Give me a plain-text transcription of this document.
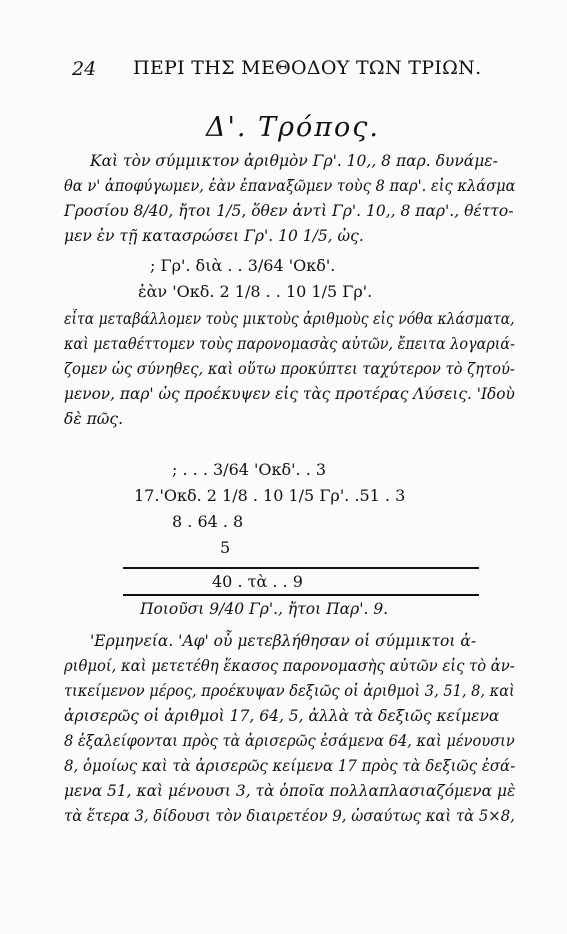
24 ΠΕΡΙ ΤΗΣ ΜΕΘΟΔΟΥ ΤΩΝ ΤΡΙΩΝ.
Δ'. Τρόπος.
Καὶ τὸν σύμμικτον ἀριθμὸν Γρ'. 10,, 8 παρ. δυνάμε-
θα ν' ἀποφύγωμεν, ἐὰν ἐπαναξῶμεν τοὺς 8 παρ'. εἰς κλάσμα
Γροσίου 8/40, ἤτοι 1/5, ὅθεν ἀντὶ Γρ'. 10,, 8 παρ'., θέττο-
μεν ἐν τῇ κατασρώσει Γρ'. 10 1/5, ὡς.
; Γρ'. διὰ . . 3/64 'Οκδ'.
ἐὰν 'Οκδ. 2 1/8 . . 10 1/5 Γρ'.
εἶτα μεταβάλλομεν τοὺς μικτοὺς ἀριθμοὺς εἰς νόθα κλάσματα,
καὶ μεταθέττομεν τοὺς παρονομασὰς αὐτῶν, ἔπειτα λογαριά-
ζομεν ὡς σύνηθες, καὶ οὕτω προκύπτει ταχύτερον τὸ ζητού-
μενον, παρ' ὡς προέκυψεν εἰς τὰς προτέρας Λύσεις. 'Ιδοὺ
δὲ πῶς.
; . . . 3/64 'Οκδ'. . 3
17.'Οκδ. 2 1/8 . 10 1/5 Γρ'. .51 . 3
8 . 64 . 8
5
40 . τὰ . . 9
Ποιοῦσι 9/40 Γρ'., ἤτοι Παρ'. 9.
'Ερμηνεία. 'Αφ' οὗ μετεβλήθησαν οἱ σύμμικτοι ἀ-
ριθμοί, καὶ μετετέθη ἕκασος παρονομασὴς αὐτῶν εἰς τὸ ἀν-
τικείμενον μέρος, προέκυψαν δεξιῶς οἱ ἀριθμοὶ 3, 51, 8, καὶ
ἀρισερῶς οἱ ἀριθμοὶ 17, 64, 5, ἀλλὰ τὰ δεξιῶς κείμενα
8 ἐξαλείφονται πρὸς τὰ ἀρισερῶς ἐσάμενα 64, καὶ μένουσιν
8, ὁμοίως καὶ τὰ ἀρισερῶς κείμενα 17 πρὸς τὰ δεξιῶς ἐσά-
μενα 51, καὶ μένουσι 3, τὰ ὁποῖα πολλαπλασιαζόμενα μὲ
τὰ ἕτερα 3, δίδουσι τὸν διαιρετέον 9, ὡσαύτως καὶ τὰ 5×8,
